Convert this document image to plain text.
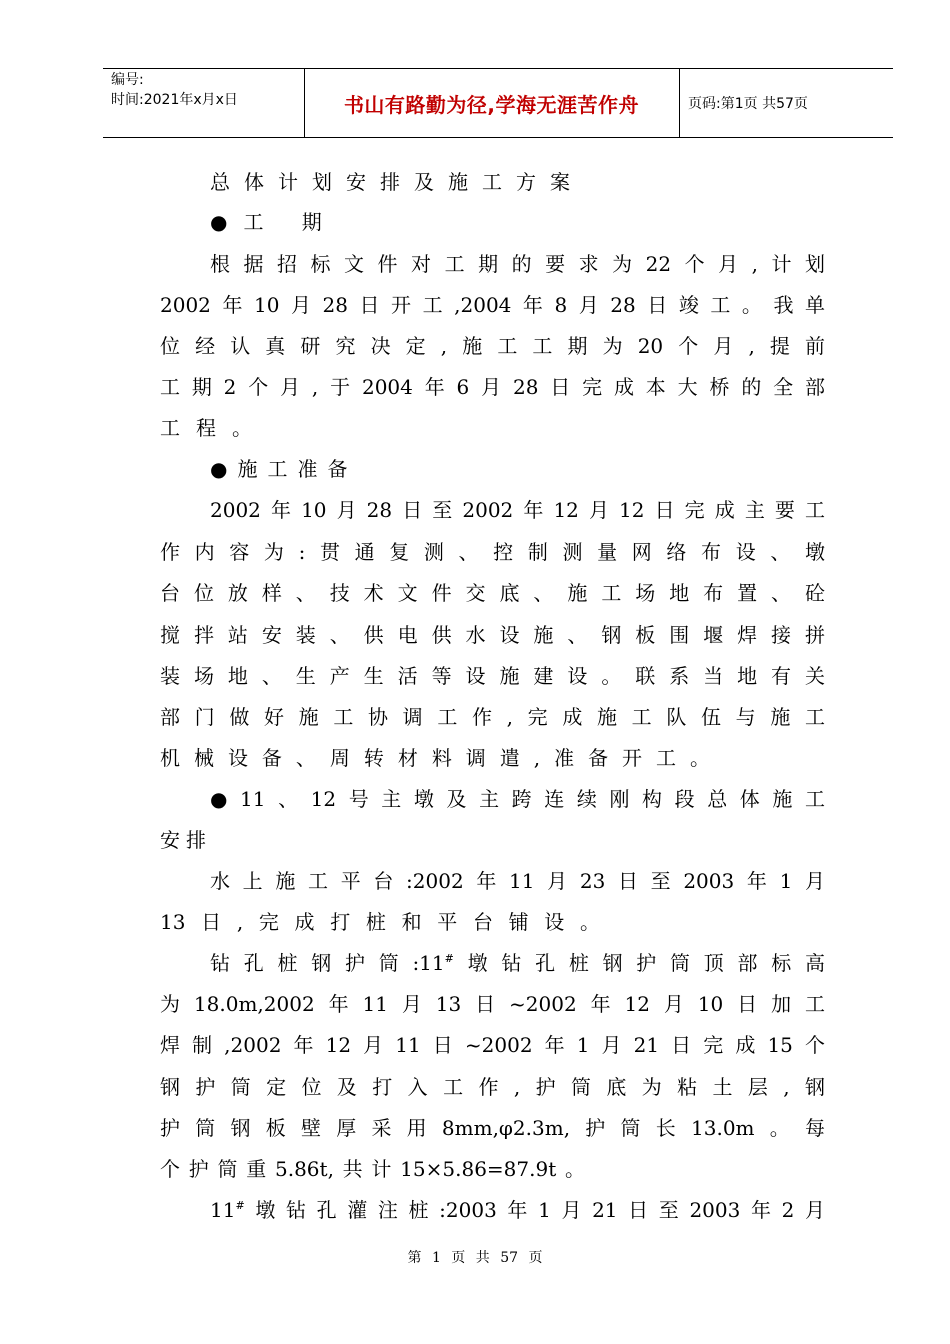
编号:
时间:2021年x月x日	书山有路勤为径,学海无涯苦作舟	页码:第1页 共57页
总体计划安排及施工方案
●工 期
根据招标文件对工期的要求为22个月,计划
2002年10月28日开工,2004年8月28日竣工。我单
位经认真研究决定,施工工期为20个月,提前
工期2个月,于2004年6月28日完成本大桥的全部
工程。
●施工准备
2002年10月28日至2002年12月12日完成主要工
作内容为:贯通复测、控制测量网络布设、墩
台位放样、技术文件交底、施工场地布置、砼
搅拌站安装、供电供水设施、钢板围堰焊接拼
装场地、生产生活等设施建设。联系当地有关
部门做好施工协调工作,完成施工队伍与施工
机械设备、周转材料调遣,准备开工。
●11、12号主墩及主跨连续刚构段总体施工
安排
水上施工平台:2002年11月23日至2003年1月
13日,完成打桩和平台铺设。
钻孔桩钢护筒:11#墩钻孔桩钢护筒顶部标高
为18.0m,2002年11月13日~2002年12月10日加工
焊制,2002年12月11日~2002年1月21日完成15个
钢护筒定位及打入工作,护筒底为粘土层,钢
护筒钢板壁厚采用8mm,φ2.3m,护筒长13.0m。每
个护筒重5.86t,共计15×5.86=87.9t。
11#墩钻孔灌注桩:2003年1月21日至2003年2月
第 1 页 共 57 页
